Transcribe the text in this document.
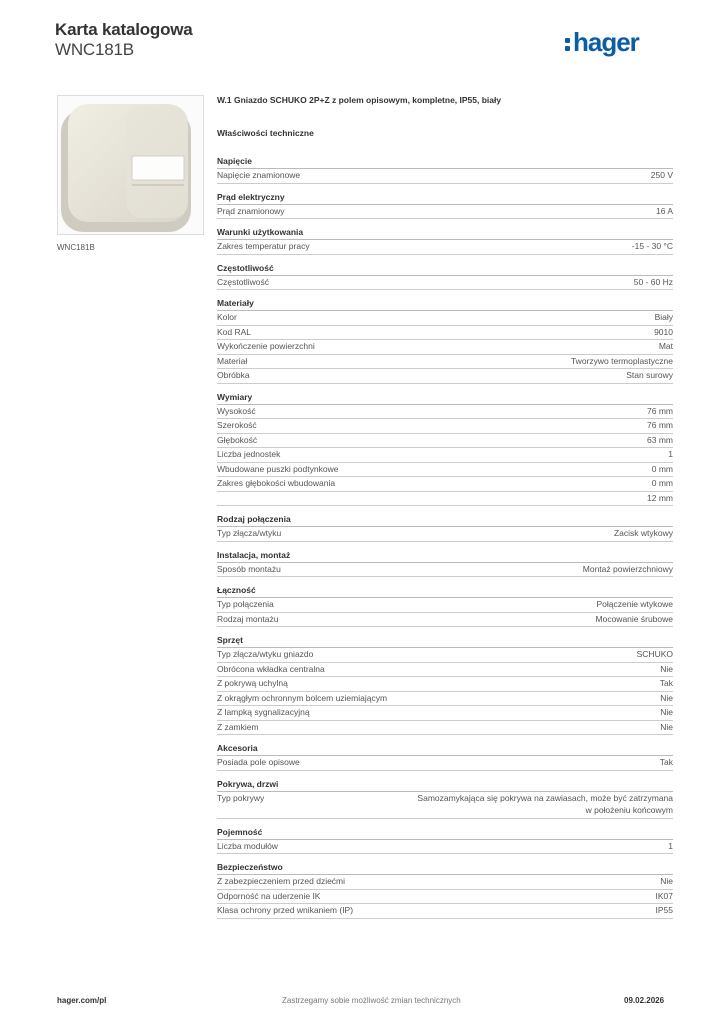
Karta katalogowa
WNC181B	hager
WNC181B
W.1 Gniazdo SCHUKO 2P+Z z polem opisowym, kompletne, IP55, biały
Właściwości techniczne
Napięcie
Napięcie znamionowe	250 V
Prąd elektryczny
Prąd znamionowy	16 A
Warunki użytkowania
Zakres temperatur pracy	-15 - 30 °C
Częstotliwość
Częstotliwość	50 - 60 Hz
Materiały
Kolor	Biały
Kod RAL	9010
Wykończenie powierzchni	Mat
Materiał	Tworzywo termoplastyczne
Obróbka	Stan surowy
Wymiary
Wysokość	76 mm
Szerokość	76 mm
Głębokość	63 mm
Liczba jednostek	1
Wbudowane puszki podtynkowe	0 mm
Zakres głębokości wbudowania	0 mm
12 mm
Rodzaj połączenia
Typ złącza/wtyku	Zacisk wtykowy
Instalacja, montaż
Sposób montażu	Montaż powierzchniowy
Łączność
Typ połączenia	Połączenie wtykowe
Rodzaj montażu	Mocowanie śrubowe
Sprzęt
Typ złącza/wtyku gniazdo	SCHUKO
Obrócona wkładka centralna	Nie
Z pokrywą uchylną	Tak
Z okrągłym ochronnym bolcem uziemiającym	Nie
Z lampką sygnalizacyjną	Nie
Z zamkiem	Nie
Akcesoria
Posiada pole opisowe	Tak
Pokrywa, drzwi
Typ pokrywy	Samozamykająca się pokrywa na zawiasach, może być zatrzymana w położeniu końcowym
Pojemność
Liczba modułów	1
Bezpieczeństwo
Z zabezpieczeniem przed dziećmi	Nie
Odporność na uderzenie IK	IK07
Klasa ochrony przed wnikaniem (IP)	IP55
hager.com/pl	Zastrzegamy sobie możliwość zmian technicznych	09.02.2026
